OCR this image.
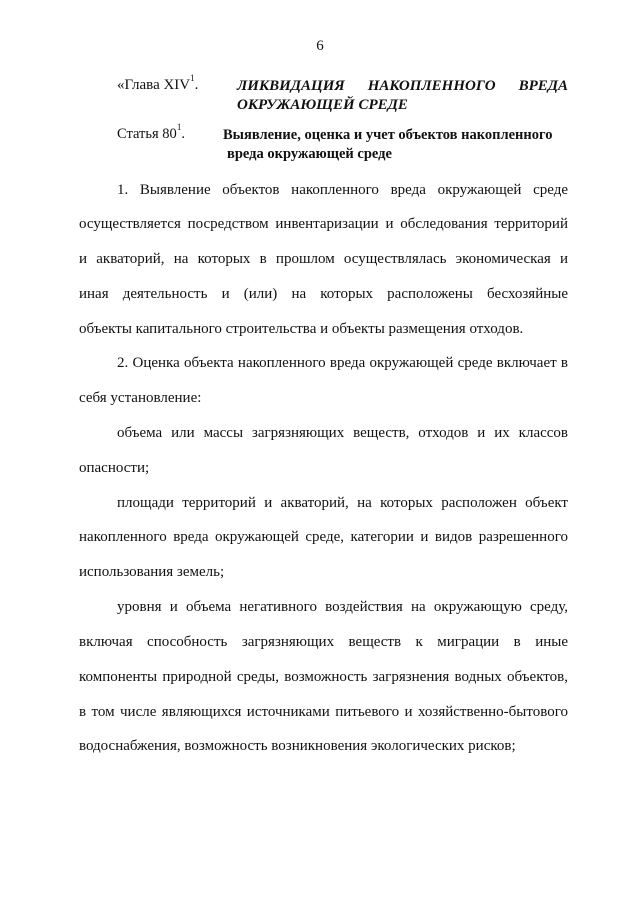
6
«Глава XIV$^1$.	ЛИКВИДАЦИЯ НАКОПЛЕННОГО ВРЕДА
ОКРУЖАЮЩЕЙ СРЕДЕ
Статья $80^1$.	Выявление, оценка и учет объектов накопленного
вреда окружающей среде
1. Выявление объектов накопленного вреда окружающей среде
осуществляется посредством инвентаризации и обследования территорий
и акваторий, на которых в прошлом осуществлялась экономическая и
иная деятельность и (или) на которых расположены бесхозяйные
объекты капитального строительства и объекты размещения отходов.
2. Оценка объекта накопленного вреда окружающей среде включает в
себя установление:
объема или массы загрязняющих веществ, отходов и их классов
опасности;
площади территорий и акваторий, на которых расположен объект
накопленного вреда окружающей среде, категории и видов разрешенного
использования земель;
уровня и объема негативного воздействия на окружающую среду,
включая способность загрязняющих веществ к миграции в иные
компоненты природной среды, возможность загрязнения водных объектов,
в том числе являющихся источниками питьевого и хозяйственно-бытового
водоснабжения, возможность возникновения экологических рисков;
